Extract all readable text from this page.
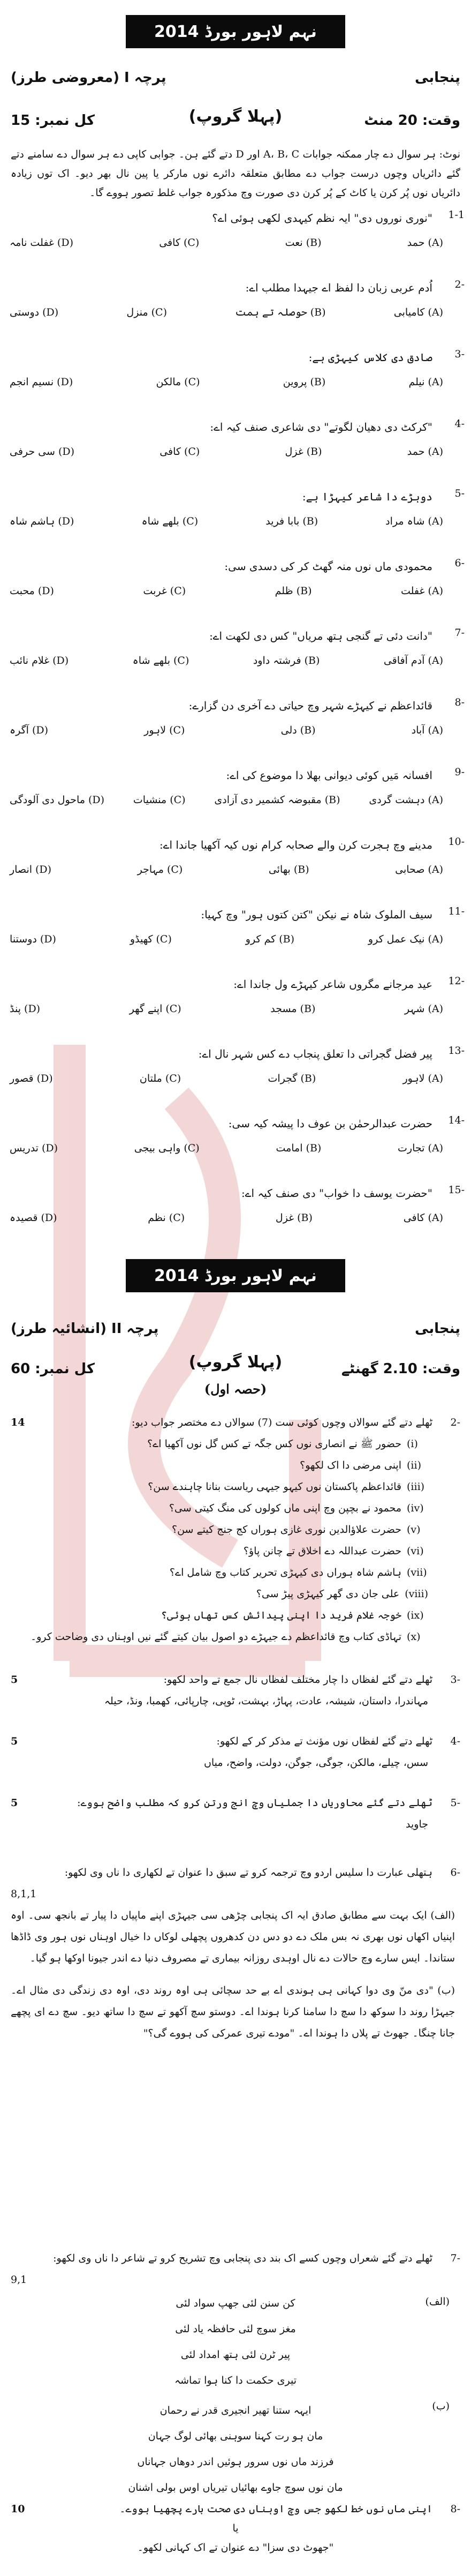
نہم لاہور بورڈ 2014
پنجابی
پرچہ I (معروضی طرز)
وقت: 20 منٹ
کل نمبر: 15	(پہلا گروپ)
نوٹ: ہر سوال دے چار ممکنہ جوابات A، B، C اور D دتے گئے ہن۔ جوابی کاپی دے ہر سوال دے سامنے دتے گئے دائریاں وچوں درست جواب دے مطابق متعلقہ دائرے نوں مارکر یا پین نال بھر دیو۔ اک توں زیادہ دائریاں نوں پُر کرن یا کاٹ کے پُر کرن دی صورت وچ مذکورہ جواب غلط تصور ہووے گا۔
1-1
"نوری نوروں دی" ایہ نظم کیہدی لکھی ہوئی اے؟
(A)
حمد
(B)
نعت
(C)
کافی
(D)
غفلت نامہ
2-
اُدم عربی زبان دا لفظ اے جیہدا مطلب اے:
(A)
کامیابی
(B)
حوصلہ تے ہمت
(C)
منزل
(D)
دوستی
3-
صادق دی کلاس کیہڑی ہے:
(A)
نیلم
(B)
پروین
(C)
مالکن
(D)
نسیم انجم
4-
"کرکٹ دی دھیان لگوتے" دی شاعری صنف کیہ اے:
(A)
حمد
(B)
غزل
(C)
کافی
(D)
سی حرفی
5-
دوہڑے دا شاعر کیہڑا ہے:
(A)
شاہ مراد
(B)
بابا فرید
(C)
بلھے شاہ
(D)
ہاشم شاہ
6-
محمودی ماں نوں منہ گھٹ کر کی دسدی سی:
(A)
غفلت
(B)
ظلم
(C)
غربت
(D)
محبت
7-
"دانت دئی تے گنجی ہتھ مریاں" کس دی لکھت اے:
(A)
آدم آفاقی
(B)
فرشتہ داود
(C)
بلھے شاہ
(D)
غلام نائب
8-
قائداعظم نے کیہڑے شہر وچ حیاتی دے آخری دن گزارے:
(A)
آباد
(B)
دلی
(C)
لاہور
(D)
آگرہ
9-
افسانہ مَیں کوئی دیوانی بھلا دا موضوع کی اے:
(A)
دہشت گردی
(B)
مقبوضہ کشمیر دی آزادی
(C)
منشیات
(D)
ماحول دی آلودگی
10-
مدینے وچ ہجرت کرن والے صحابہ کرام نوں کیہ آکھیا جاندا اے:
(A)
صحابی
(B)
بھائی
(C)
مہاجر
(D)
انصار
11-
سیف الملوک شاہ نے نیکن "کتن کتوں ہور" وچ کہیا:
(A)
نیک عمل کرو
(B)
کم کرو
(C)
کھیڈو
(D)
دوستنا
12-
عید مرجانے مگروں شاعر کیہڑے ول جاندا اے:
(A)
شہر
(B)
مسجد
(C)
اپنے گھر
(D)
پنڈ
13-
پیر فضل گجراتی دا تعلق پنجاب دے کس شہر نال اے:
(A)
لاہور
(B)
گجرات
(C)
ملتان
(D)
قصور
14-
حضرت عبدالرحمٰن بن عوف دا پیشہ کیہ سی:
(A)
تجارت
(B)
امامت
(C)
واہی بیجی
(D)
تدریس
15-
"حضرت یوسف دا خواب" دی صنف کیہ اے:
(A)
کافی
(B)
غزل
(C)
نظم
(D)
قصیدہ
نہم لاہور بورڈ 2014
پنجابی
پرچہ II (انشائیہ طرز)
وقت: 2.10 گھنٹے
کل نمبر: 60	(پہلا گروپ)
(حصہ اول)
2-
ٹھلے دتے گئے سوالاں وچوں کوئی ست (7) سوالاں دے مختصر جواب دیو:
14
(i)
حضور ﷺ نے انصاری نوں کس جگہ تے کس گل نوں آکھیا اے؟
(ii)
اپنی مرضی دا اک لکھو؟
(iii)
قائداعظم پاکستان نوں کیہو جیہی ریاست بنانا چاہندے سن؟
(iv)
محمود نے بچپن وچ اپنی ماں کولوں کی منگ کیتی سی؟
(v)
حضرت علاؤالدین نوری غازی ہوراں کج جنج کیتے سن؟
(vi)
حضرت عبداللہ دے اخلاق تے چانن پاؤ؟
(vii)
ہاشم شاہ ہوراں دی کیہڑی تحریر کتاب وچ شامل اے؟
(viii)
علی جان دی گھر کیہڑی پیڑ سی؟
(ix)
خوجہ غلام فرید دا اپنی پیدائش کس تھاں ہوئی؟
(x)
تہاڈی کتاب وچ قائداعظم دے جیہڑے دو اصول بیان کیتے گئے نیں اوہناں دی وضاحت کرو۔
3-
ٹھلے دتے گئے لفظاں دا چار مختلف لفظاں نال جمع تے واحد لکھو:
5
مہاندرا، داستان، شیشہ، عادت، پہاڑ، بہشت، ٹوپی، چارپائی، کھمبا، ونڈ، حیلہ
4-
ٹھلے دتے گئے لفظاں نوں مؤنث تے مذکر کر کے لکھو:
5
سس، چیلے، مالکن، جوگی، جوگن، دولت، واضح، میاں
5-
ٹھلے دتے گئے محاوریاں دا جملیاں وچ انج ورتن کرو کہ مطلب واضح ہووے:
5
جاوید
6-
ہتھلی عبارت دا سلیس اردو وچ ترجمہ کرو تے سبق دا عنوان تے لکھاری دا ناں وی لکھو:
8,1,1
(الف) ایک بہت سے مطابق صادق ایہ اک پنجابی چڑھی سی جیہڑی اپنے ماپیاں دا پیار تے بانجھ سی۔ اوہ اپنیاں اکھاں نوں بھری نہ بس ملک دے دو دس دن کدھروں پچھلی لوکاں دا خیال اوہناں نوں ہور وی ڈاڈھا ستاندا۔ ایس سارے وچ حالات دے نال اوہدی روزانہ بیماری تے مصروف دنیا دے اندر جیونا اوکھا ہو گیا۔
(ب) "دی منّ وی دوا کہانی ہی ہوندی اے بے حد سچائی ہی اوہ روند دی، اوہ دی زندگی دی مثال اے۔ جیہڑا روند دا سوکھ دا سچ دا سامنا کرنا ہوندا اے۔ دوستو سچ آکھو تے سچ دا ساتھ دیو۔ سچ دے ای پچھے جانا چنگا۔ جھوٹ تے پلاں دا ہوندا اے۔ "مودے تیری عمرکی کی ہووے گی؟"
7-
ٹھلے دتے گئے شعراں وچوں کسے اک بند دی پنجابی وچ تشریح کرو تے شاعر دا ناں وی لکھو:
9,1
(الف)
کن سنن لئی جھپ سواد لئی
مغز سوچ لئی حافظہ یاد لئی
پیر ٹرن لئی ہتھ امداد لئی
تیری حکمت دا کنا ہوا تماشہ
(ب)
ایہہ ستنا تھیر انجیری قدر نے رحمان
مان ہو رت کہنا سوہنی بھائی لوگ جہان
فرزند ماں نوں سرور ہوئیں اندر دوھاں جہاناں
مان نوں سوچ جاوے بھائیاں تیریاں اوس بولی اشنان
8-
اپنی ماں نوں خط لکھو جس وچ اوہناں دی صحت بارے پچھیا ہووے۔
10
یا
"جھوٹ دی سزا" دے عنوان تے اک کہانی لکھو۔
